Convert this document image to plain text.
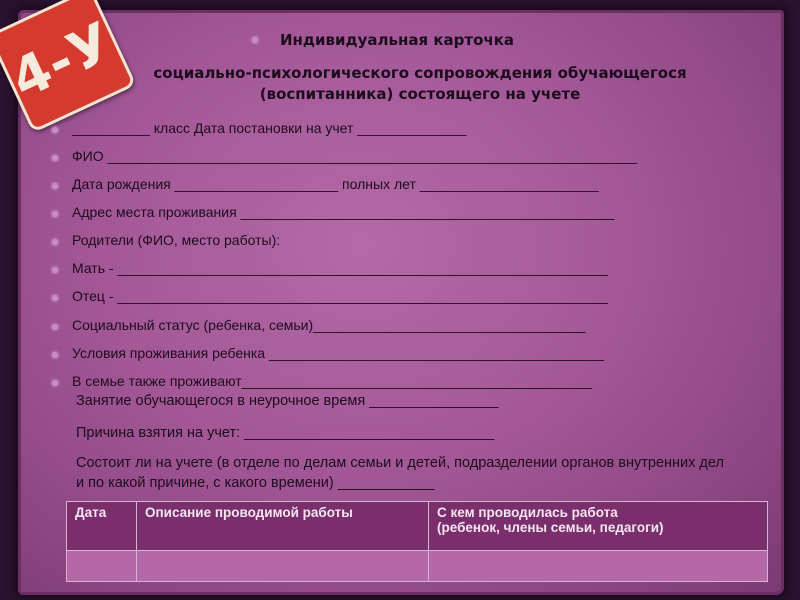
4-У	Индивидуальная карточка
социально-психологического сопровождения обучающегося
(воспитанника) состоящего на учете
__________ класс Дата постановки на учет ______________
ФИО ____________________________________________________________________
Дата рождения _____________________ полных лет _______________________
Адрес места проживания ________________________________________________
Родители (ФИО, место работы):
Мать - _______________________________________________________________
Отец - _______________________________________________________________
Социальный статус (ребенка, семьи)___________________________________
Условия проживания ребенка ___________________________________________
В семье также проживают_____________________________________________
Занятие обучающегося в неурочное время ________________
Причина взятия на учет: _______________________________
Состоит ли на учете (в отделе по делам семьи и детей, подразделении органов внутренних дел и по какой причине, с какого времени) ____________
Дата	Описание проводимой работы	С кем проводилась работа
(ребенок, члены семьи, педагоги)
